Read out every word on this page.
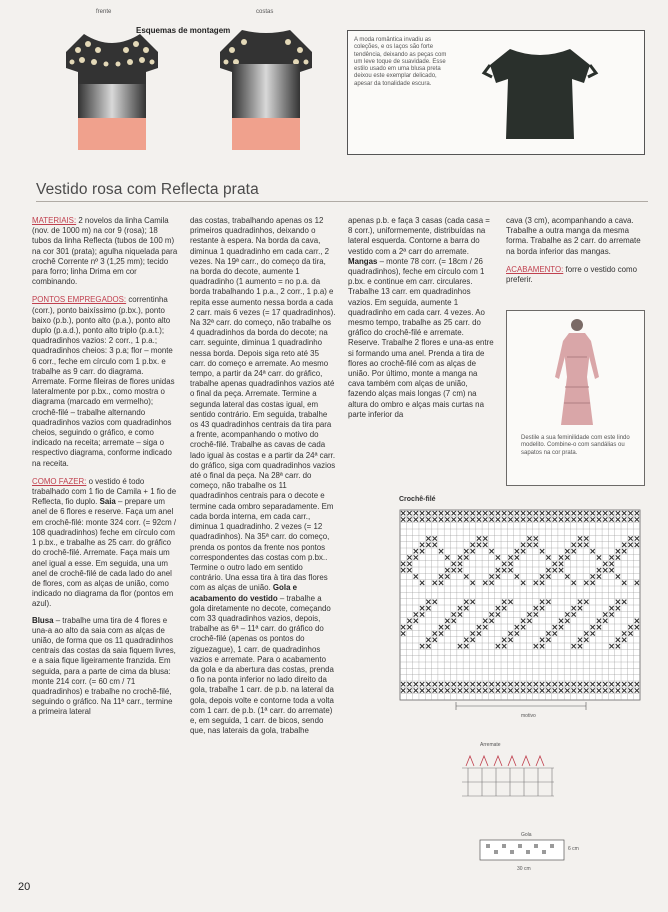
frente	costas
Esquemas de montagem

A moda romântica invadiu as coleções, e os laços são forte tendência, deixando as peças com um leve toque de suavidade. Esse estilo usado em uma blusa preta deixou este exemplar delicado, apesar da tonalidade escura.

Vestido rosa com Reflecta prata

MATERIAIS: 2 novelos da linha Camila (nov. de 1000 m) na cor 9 (rosa); 18 tubos da linha Reflecta (tubos de 100 m) na cor 301 (prata); agulha niquelada para crochê Corrente nº 3 (1,25 mm); tecido para forro; linha Drima em cor combinando.

PONTOS EMPREGADOS: correntinha (corr.), ponto baixíssimo (p.bx.), ponto baixo (p.b.), ponto alto (p.a.), ponto alto duplo (p.a.d.), ponto alto triplo (p.a.t.); quadradinhos vazios: 2 corr., 1 p.a.; quadradinhos cheios: 3 p.a; flor – monte 6 corr., feche em círculo com 1 p.bx. e trabalhe as 9 carr. do diagrama. Arremate. Forme fileiras de flores unidas lateralmente por p.bx., como mostra o diagrama (marcado em vermelho); crochê-filé – trabalhe alternando quadradinhos vazios com quadradinhos cheios, seguindo o gráfico, e como indicado na receita; arremate – siga o respectivo diagrama, conforme indicado na receita.

COMO FAZER: o vestido é todo trabalhado com 1 fio de Camila + 1 fio de Reflecta, fio duplo. Saia – prepare um anel de 6 flores e reserve. Faça um anel em crochê-filé: monte 324 corr. (= 92cm / 108 quadradinhos) feche em círculo com 1 p.bx., e trabalhe as 25 carr. do gráfico do crochê-filé. Arremate. Faça mais um anel igual a esse. Em seguida, una um anel de crochê-filé de cada lado do anel de flores, com as alças de união, como indicado no diagrama da flor (pontos em azul).

Blusa – trabalhe uma tira de 4 flores e una-a ao alto da saia com as alças de união, de forma que os 11 quadradinhos centrais das costas da saia fiquem livres, e a saia fique ligeiramente franzida. Em seguida, para a parte de cima da blusa: monte 214 corr. (= 60 cm / 71 quadradinhos) e trabalhe no crochê-filé, seguindo o gráfico. Na 11ª carr., termine a primeira lateral

das costas, trabalhando apenas os 12 primeiros quadradinhos, deixando o restante à espera. Na borda da cava, diminua 1 quadradinho em cada carr., 2 vezes. Na 19ª carr., do começo da tira, na borda do decote, aumente 1 quadradinho (1 aumento = no p.a. da borda trabalhando 1 p.a., 2 corr., 1 p.a) e repita esse aumento nessa borda a cada 2 carr. mais 6 vezes (= 17 quadradinhos). Na 32ª carr. do começo, não trabalhe os 4 quadradinhos da borda do decote; na carr. seguinte, diminua 1 quadradinho nessa borda. Depois siga reto até 35 carr. do começo e arremate. Ao mesmo tempo, a partir da 24ª carr. do gráfico, trabalhe apenas quadradinhos vazios até o final da peça. Arremate. Termine a segunda lateral das costas igual, em sentido contrário. Em seguida, trabalhe os 43 quadradinhos centrais da tira para a frente, acompanhando o motivo do crochê-filé. Trabalhe as cavas de cada lado igual às costas e a partir da 24ª carr. do gráfico, siga com quadradinhos vazios até o final da peça. Na 28ª carr. do começo, não trabalhe os 11 quadradinhos centrais para o decote e termine cada ombro separadamente. Em cada borda interna, em cada carr., diminua 1 quadradinho. 2 vezes (= 12 quadradinhos). Na 35ª carr. do começo, prenda os pontos da frente nos pontos correspondentes das costas com p.bx.. Termine o outro lado em sentido contrário. Una essa tira à tira das flores com as alças de união. Gola e acabamento do vestido – trabalhe a gola diretamente no decote, começando com 33 quadradinhos vazios, depois, trabalhe as 6ª – 11ª carr. do gráfico do crochê-filé (apenas os pontos do ziguezague), 1 carr. de quadradinhos vazios e arremate. Para o acabamento da gola e da abertura das costas, prenda o fio na ponta inferior no lado direito da gola, trabalhe 1 carr. de p.b. na lateral da gola, depois volte e contorne toda a volta com 1 carr. de p.b. (1ª carr. do arremate) e, em seguida, 1 carr. de bicos, sendo que, nas laterais da gola, trabalhe

apenas p.b. e faça 3 casas (cada casa = 8 corr.), uniformemente, distribuídas na lateral esquerda. Contorne a barra do vestido com a 2ª carr do arremate. Mangas – monte 78 corr. (= 18cm / 26 quadradinhos), feche em círculo com 1 p.bx. e continue em carr. circulares. Trabalhe 13 carr. em quadradinhos vazios. Em seguida, aumente 1 quadradinho em cada carr. 4 vezes. Ao mesmo tempo, trabalhe as 25 carr. do gráfico do crochê-filé e arremate. Reserve. Trabalhe 2 flores e una-as entre si formando uma anel. Prenda a tira de flores ao crochê-filé com as alças de união. Por último, monte a manga na cava também com alças de união, fazendo alças mais longas (7 cm) na altura do ombro e alças mais curtas na parte inferior da

cava (3 cm), acompanhando a cava. Trabalhe a outra manga da mesma forma. Trabalhe as 2 carr. do arremate na borda inferior das mangas.

ACABAMENTO: forre o vestido como preferir.

Destile a sua feminilidade com este lindo modelito. Combine-o com sandálias ou sapatos na cor prata.

Crochê-filé
motivo
Arremate
Gola
30 cm
6 cm
20
